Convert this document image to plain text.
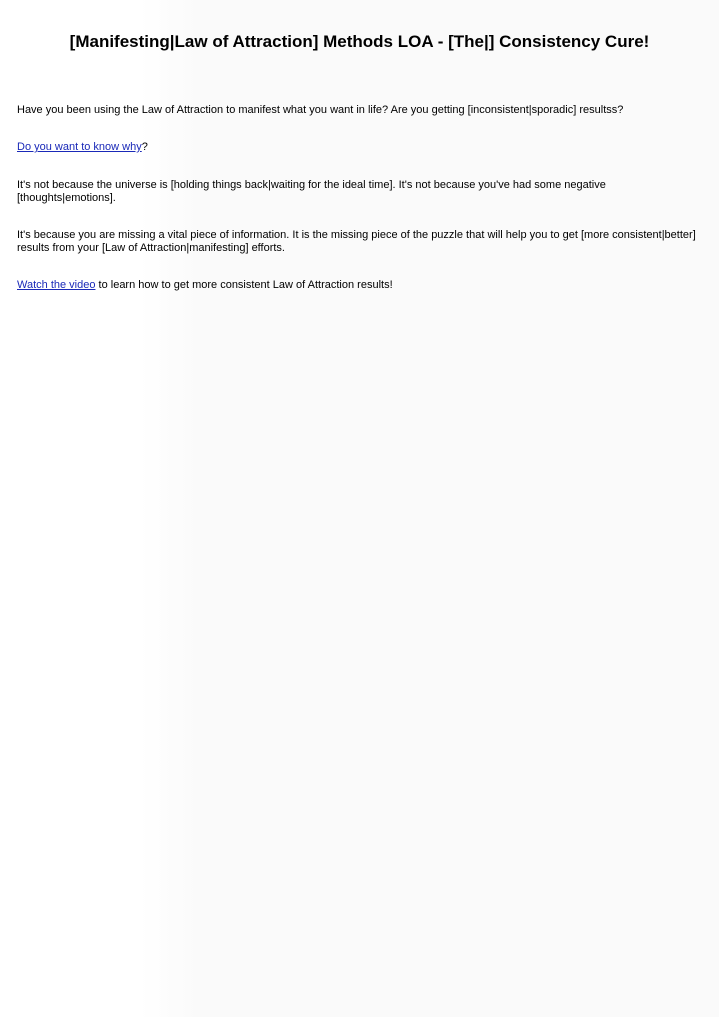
[Manifesting|Law of Attraction] Methods LOA - [The|] Consistency Cure!

Have you been using the Law of Attraction to manifest what you want in life? Are you getting [inconsistent|sporadic] resultss?

Do you want to know why?

It's not because the universe is [holding things back|waiting for the ideal time]. It's not because you've had some negative [thoughts|emotions].

It's because you are missing a vital piece of information. It is the missing piece of the puzzle that will help you to get [more consistent|better] results from your [Law of Attraction|manifesting] efforts.

Watch the video to learn how to get more consistent Law of Attraction results!
